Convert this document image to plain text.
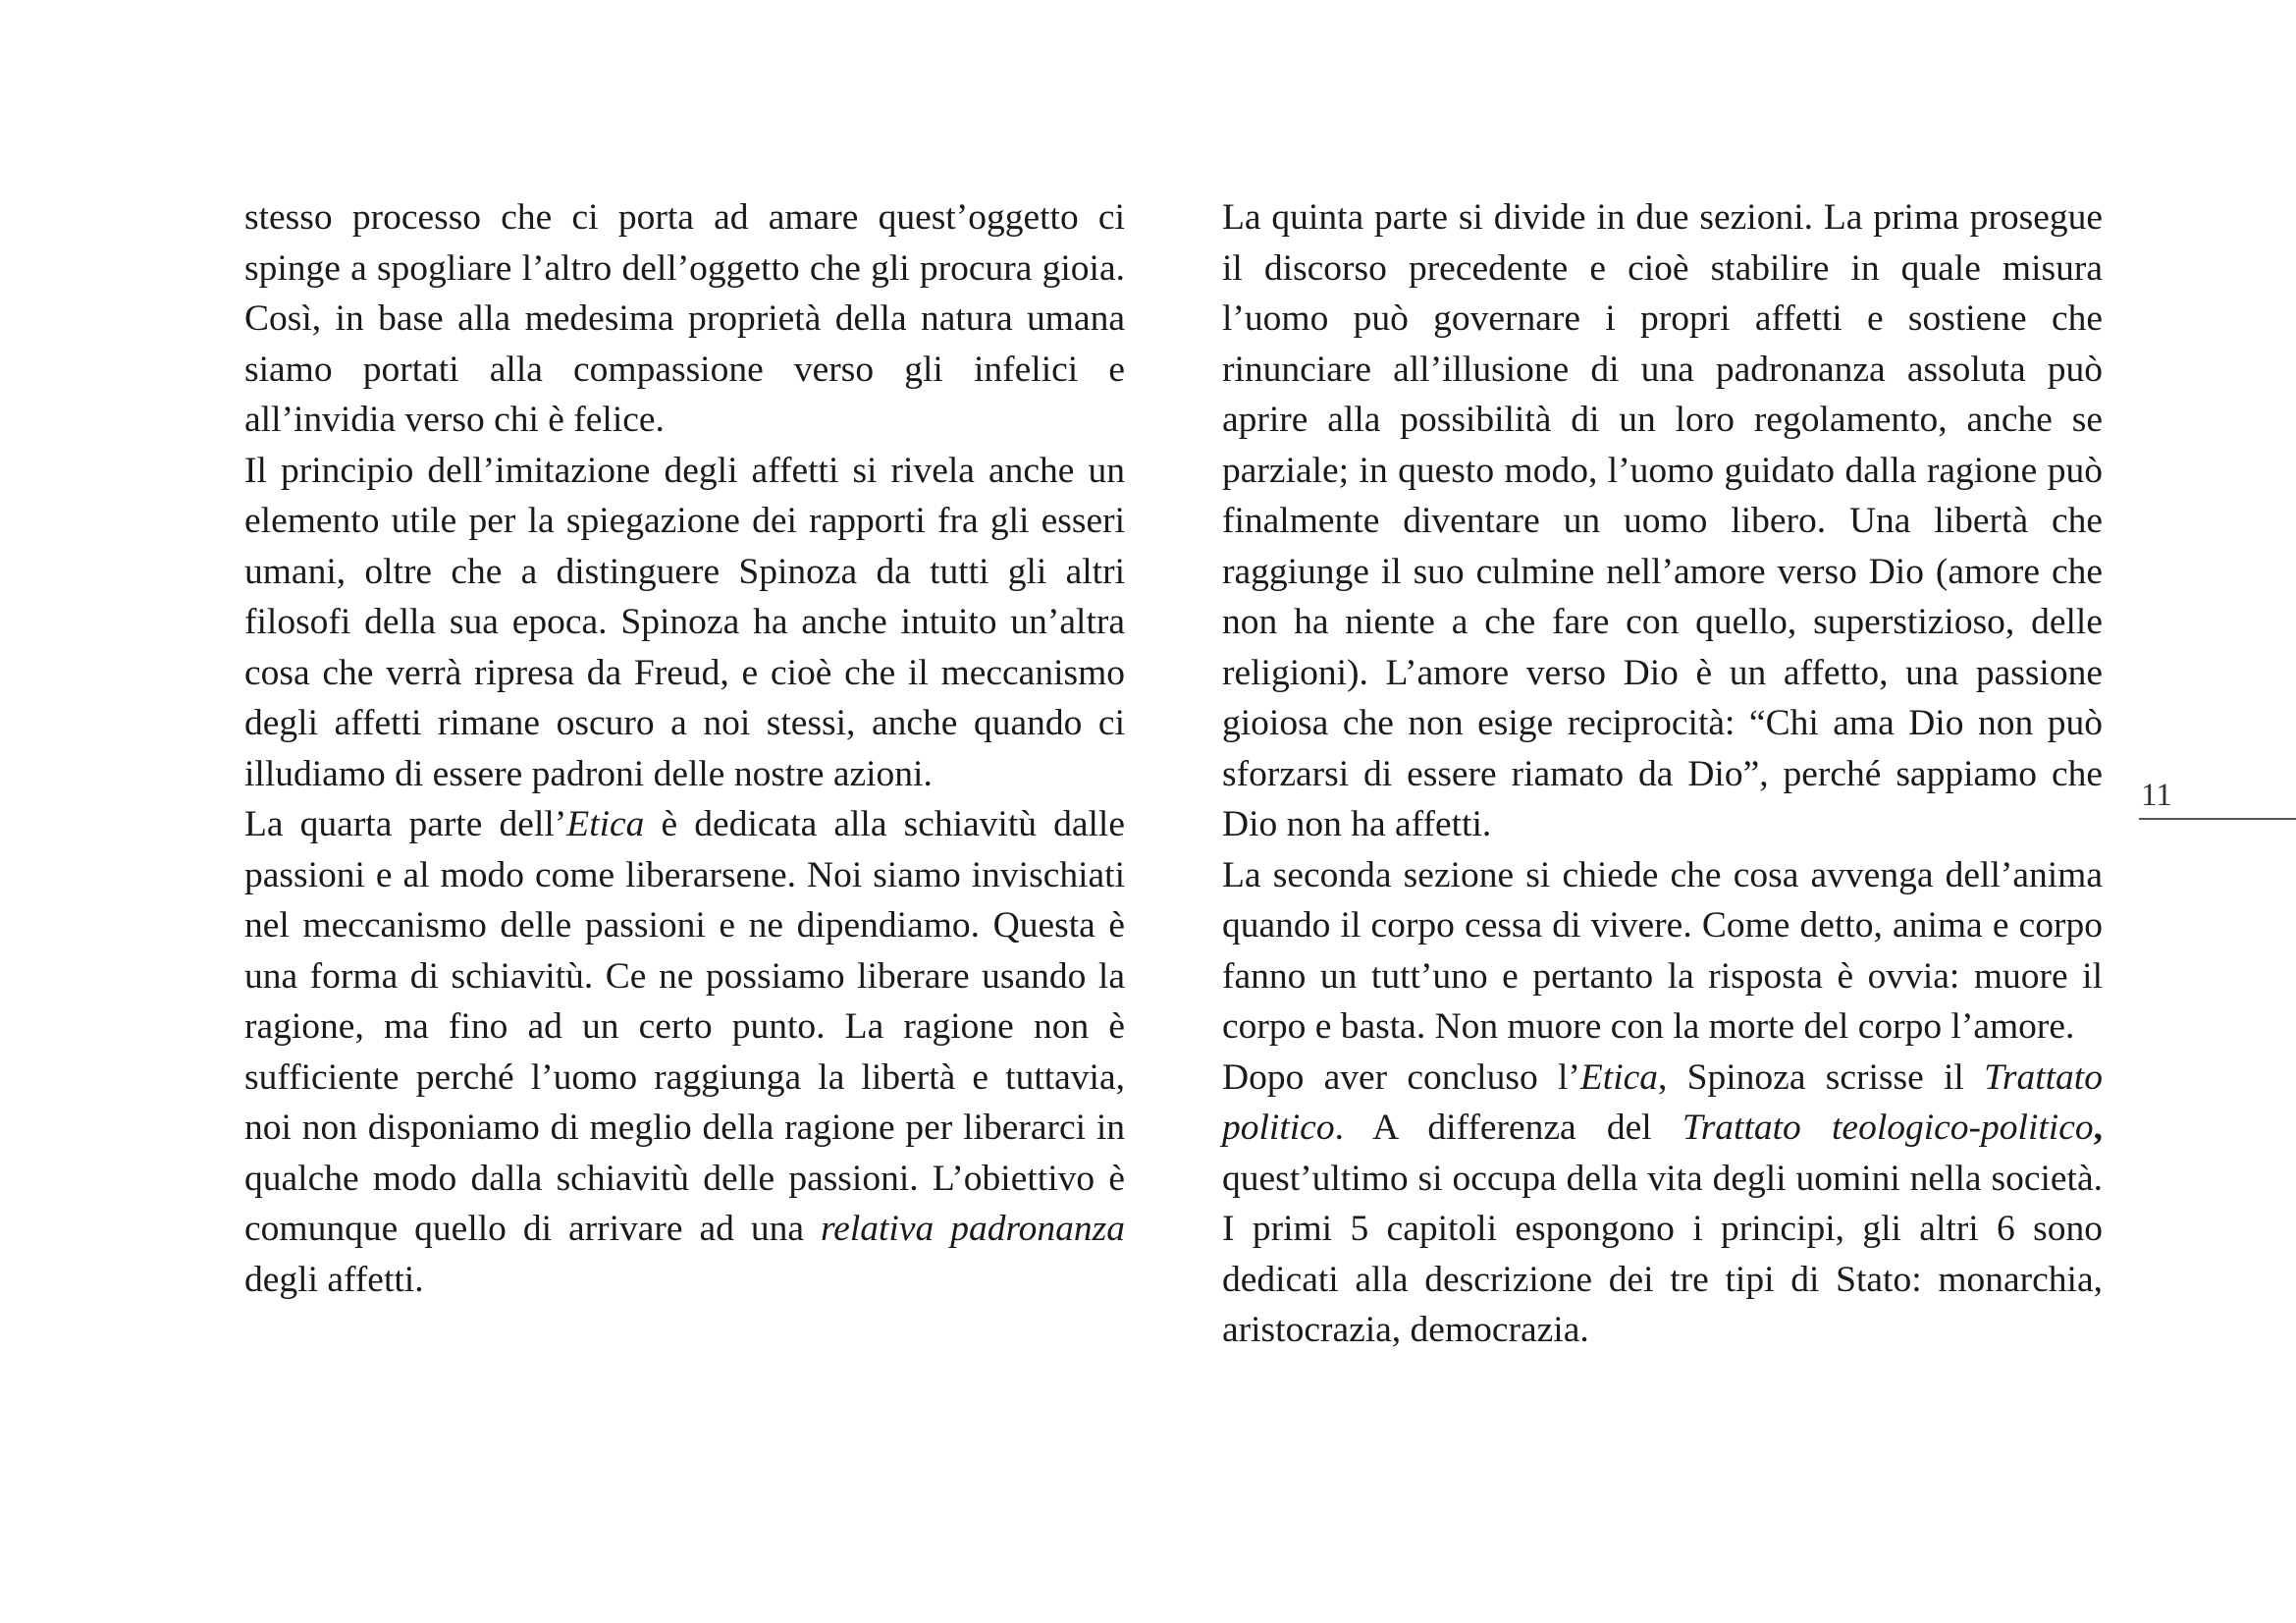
stesso processo che ci porta ad amare quest’oggetto ci spinge a spogliare l’altro dell’oggetto che gli procura gioia. Così, in base alla medesima proprietà della natura umana siamo portati alla compassione verso gli infelici e all’invidia verso chi è felice.

Il principio dell’imitazione degli affetti si rivela anche un elemento utile per la spiegazione dei rapporti fra gli esseri umani, oltre che a distinguere Spinoza da tutti gli altri filosofi della sua epoca. Spinoza ha anche intuito un’altra cosa che verrà ripresa da Freud, e cioè che il meccanismo degli affetti rimane oscuro a noi stessi, anche quando ci illudiamo di essere padroni delle nostre azioni.

La quarta parte dell’Etica è dedicata alla schiavitù dalle passioni e al modo come liberarsene. Noi siamo invischiati nel meccanismo delle passioni e ne dipendiamo. Questa è una forma di schiavitù. Ce ne possiamo liberare usando la ragione, ma fino ad un certo punto. La ragione non è sufficiente perché l’uomo raggiunga la libertà e tuttavia, noi non disponiamo di meglio della ragione per liberarci in qualche modo dalla schiavitù delle passioni. L’obiettivo è comunque quello di arrivare ad una relativa padronanza degli affetti.

La quinta parte si divide in due sezioni. La prima prosegue il discorso precedente e cioè stabilire in quale misura l’uomo può governare i propri affetti e sostiene che rinunciare all’illusione di una padronanza assoluta può aprire alla possibilità di un loro regolamento, anche se parziale; in questo modo, l’uomo guidato dalla ragione può finalmente diventare un uomo libero. Una libertà che raggiunge il suo culmine nell’amore verso Dio (amore che non ha niente a che fare con quello, superstizioso, delle religioni). L’amore verso Dio è un affetto, una passione gioiosa che non esige reciprocità: “Chi ama Dio non può sforzarsi di essere riamato da Dio”, perché sappiamo che Dio non ha affetti.

La seconda sezione si chiede che cosa avvenga dell’anima quando il corpo cessa di vivere. Come detto, anima e corpo fanno un tutt’uno e pertanto la risposta è ovvia: muore il corpo e basta. Non muore con la morte del corpo l’amore.

Dopo aver concluso l’Etica, Spinoza scrisse il Trattato politico. A differenza del Trattato teologico-politico, quest’ultimo si occupa della vita degli uomini nella società. I primi 5 capitoli espongono i principi, gli altri 6 sono dedicati alla descrizione dei tre tipi di Stato: monarchia, aristocrazia, democrazia.

11
